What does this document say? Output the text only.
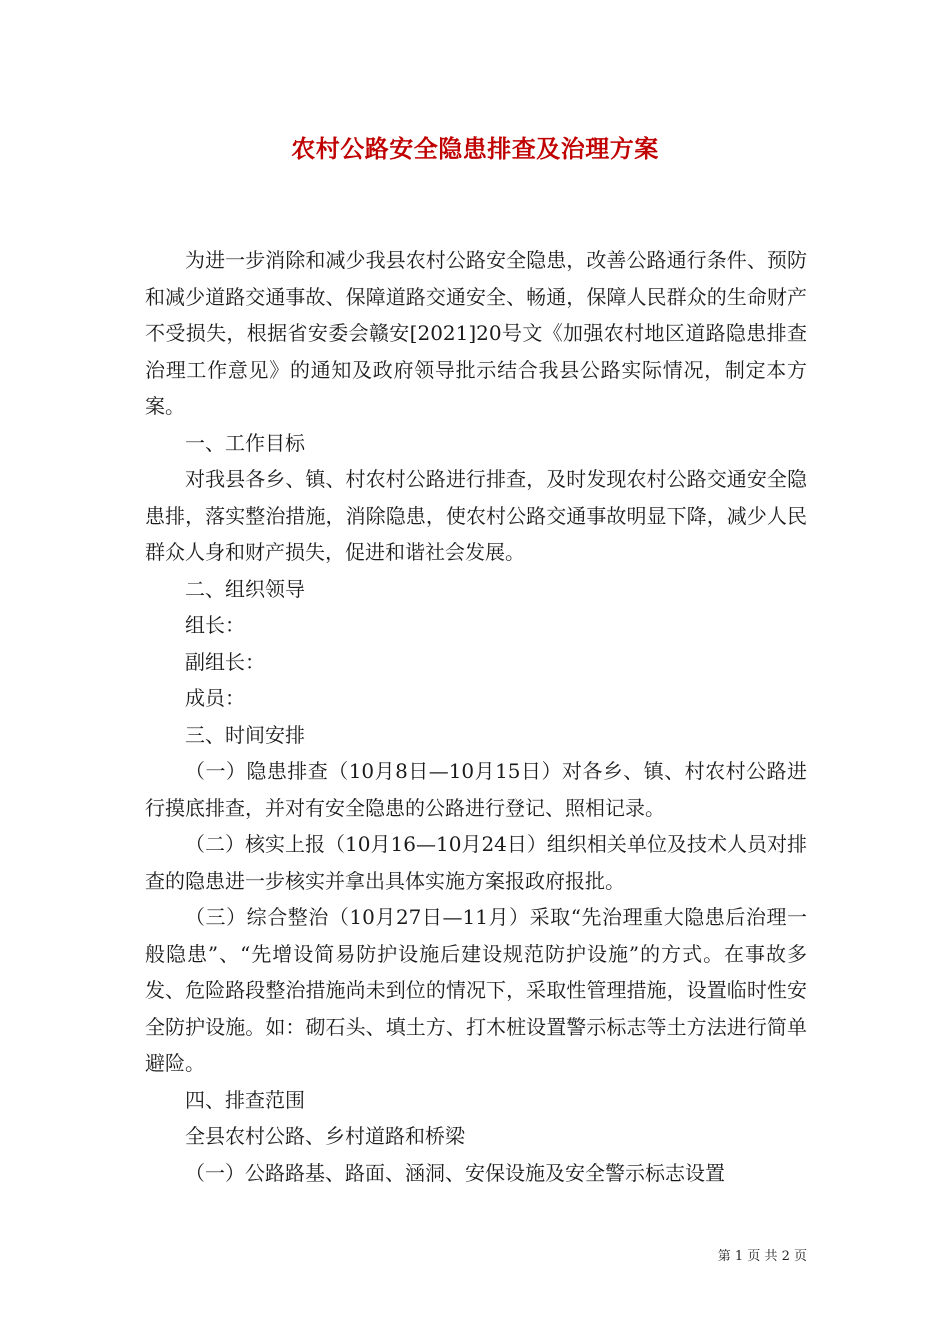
农村公路安全隐患排查及治理方案

为进一步消除和减少我县农村公路安全隐患，改善公路通行条件、预防和减少道路交通事故、保障道路交通安全、畅通，保障人民群众的生命财产不受损失，根据省安委会赣安[2021]20号文《加强农村地区道路隐患排查治理工作意见》的通知及政府领导批示结合我县公路实际情况，制定本方案。

一、工作目标

对我县各乡、镇、村农村公路进行排查，及时发现农村公路交通安全隐患排，落实整治措施，消除隐患，使农村公路交通事故明显下降，减少人民群众人身和财产损失，促进和谐社会发展。

二、组织领导

组长：

副组长：

成员：

三、时间安排

（一）隐患排查（10月8日—10月15日）对各乡、镇、村农村公路进行摸底排查，并对有安全隐患的公路进行登记、照相记录。

（二）核实上报（10月16—10月24日）组织相关单位及技术人员对排查的隐患进一步核实并拿出具体实施方案报政府报批。

（三）综合整治（10月27日—11月）采取“先治理重大隐患后治理一般隐患”、“先增设简易防护设施后建设规范防护设施”的方式。在事故多发、危险路段整治措施尚未到位的情况下，采取性管理措施，设置临时性安全防护设施。如：砌石头、填土方、打木桩设置警示标志等土方法进行简单避险。

四、排查范围

全县农村公路、乡村道路和桥梁

（一）公路路基、路面、涵洞、安保设施及安全警示标志设置

第 1 页 共 2 页
